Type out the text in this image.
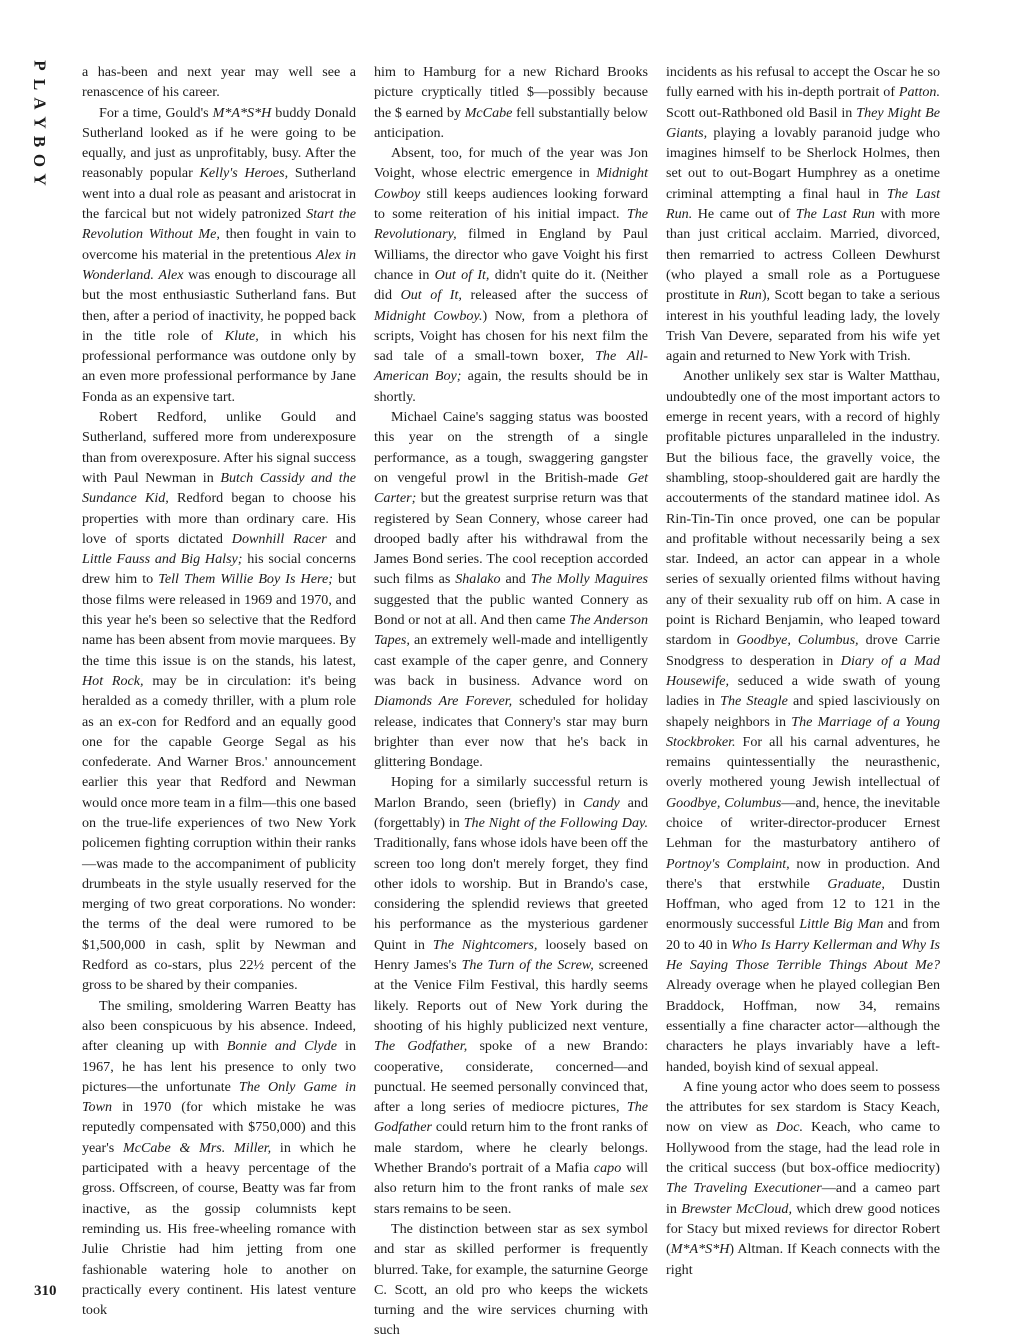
P
L
A
Y
B
O
Y
310

a has-been and next year may well see a renascence of his career.

For a time, Gould's M*A*S*H buddy Donald Sutherland looked as if he were going to be equally, and just as unprofitably, busy. After the reasonably popular Kelly's Heroes, Sutherland went into a dual role as peasant and aristocrat in the farcical but not widely patronized Start the Revolution Without Me, then fought in vain to overcome his material in the pretentious Alex in Wonderland. Alex was enough to discourage all but the most enthusiastic Sutherland fans. But then, after a period of inactivity, he popped back in the title role of Klute, in which his professional performance was outdone only by an even more professional performance by Jane Fonda as an expensive tart.

Robert Redford, unlike Gould and Sutherland, suffered more from underexposure than from overexposure. After his signal success with Paul Newman in Butch Cassidy and the Sundance Kid, Redford began to choose his properties with more than ordinary care. His love of sports dictated Downhill Racer and Little Fauss and Big Halsy; his social concerns drew him to Tell Them Willie Boy Is Here; but those films were released in 1969 and 1970, and this year he's been so selective that the Redford name has been absent from movie marquees. By the time this issue is on the stands, his latest, Hot Rock, may be in circulation: it's being heralded as a comedy thriller, with a plum role as an ex-con for Redford and an equally good one for the capable George Segal as his confederate. And Warner Bros.' announcement earlier this year that Redford and Newman would once more team in a film—this one based on the true-life experiences of two New York policemen fighting corruption within their ranks—was made to the accompaniment of publicity drumbeats in the style usually reserved for the merging of two great corporations. No wonder: the terms of the deal were rumored to be $1,500,000 in cash, split by Newman and Redford as co-stars, plus 22½ percent of the gross to be shared by their companies.

The smiling, smoldering Warren Beatty has also been conspicuous by his absence. Indeed, after cleaning up with Bonnie and Clyde in 1967, he has lent his presence to only two pictures—the unfortunate The Only Game in Town in 1970 (for which mistake he was reputedly compensated with $750,000) and this year's McCabe & Mrs. Miller, in which he participated with a heavy percentage of the gross. Offscreen, of course, Beatty was far from inactive, as the gossip columnists kept reminding us. His free-wheeling romance with Julie Christie had him jetting from one fashionable watering hole to another on practically every continent. His latest venture took

him to Hamburg for a new Richard Brooks picture cryptically titled $—possibly because the $ earned by McCabe fell substantially below anticipation.

Absent, too, for much of the year was Jon Voight, whose electric emergence in Midnight Cowboy still keeps audiences looking forward to some reiteration of his initial impact. The Revolutionary, filmed in England by Paul Williams, the director who gave Voight his first chance in Out of It, didn't quite do it. (Neither did Out of It, released after the success of Midnight Cowboy.) Now, from a plethora of scripts, Voight has chosen for his next film the sad tale of a small-town boxer, The All-American Boy; again, the results should be in shortly.

Michael Caine's sagging status was boosted this year on the strength of a single performance, as a tough, swaggering gangster on vengeful prowl in the British-made Get Carter; but the greatest surprise return was that registered by Sean Connery, whose career had drooped badly after his withdrawal from the James Bond series. The cool reception accorded such films as Shalako and The Molly Maguires suggested that the public wanted Connery as Bond or not at all. And then came The Anderson Tapes, an extremely well-made and intelligently cast example of the caper genre, and Connery was back in business. Advance word on Diamonds Are Forever, scheduled for holiday release, indicates that Connery's star may burn brighter than ever now that he's back in glittering Bondage.

Hoping for a similarly successful return is Marlon Brando, seen (briefly) in Candy and (forgettably) in The Night of the Following Day. Traditionally, fans whose idols have been off the screen too long don't merely forget, they find other idols to worship. But in Brando's case, considering the splendid reviews that greeted his performance as the mysterious gardener Quint in The Nightcomers, loosely based on Henry James's The Turn of the Screw, screened at the Venice Film Festival, this hardly seems likely. Reports out of New York during the shooting of his highly publicized next venture, The Godfather, spoke of a new Brando: cooperative, considerate, concerned—and punctual. He seemed personally convinced that, after a long series of mediocre pictures, The Godfather could return him to the front ranks of male stardom, where he clearly belongs. Whether Brando's portrait of a Mafia capo will also return him to the front ranks of male sex stars remains to be seen.

The distinction between star as sex symbol and star as skilled performer is frequently blurred. Take, for example, the saturnine George C. Scott, an old pro who keeps the wickets turning and the wire services churning with such

incidents as his refusal to accept the Oscar he so fully earned with his in-depth portrait of Patton. Scott out-Rathboned old Basil in They Might Be Giants, playing a lovably paranoid judge who imagines himself to be Sherlock Holmes, then set out to out-Bogart Humphrey as a onetime criminal attempting a final haul in The Last Run. He came out of The Last Run with more than just critical acclaim. Married, divorced, then remarried to actress Colleen Dewhurst (who played a small role as a Portuguese prostitute in Run), Scott began to take a serious interest in his youthful leading lady, the lovely Trish Van Devere, separated from his wife yet again and returned to New York with Trish.

Another unlikely sex star is Walter Matthau, undoubtedly one of the most important actors to emerge in recent years, with a record of highly profitable pictures unparalleled in the industry. But the bilious face, the gravelly voice, the shambling, stoop-shouldered gait are hardly the accouterments of the standard matinee idol. As Rin-Tin-Tin once proved, one can be popular and profitable without necessarily being a sex star. Indeed, an actor can appear in a whole series of sexually oriented films without having any of their sexuality rub off on him. A case in point is Richard Benjamin, who leaped toward stardom in Goodbye, Columbus, drove Carrie Snodgress to desperation in Diary of a Mad Housewife, seduced a wide swath of young ladies in The Steagle and spied lasciviously on shapely neighbors in The Marriage of a Young Stockbroker. For all his carnal adventures, he remains quintessentially the neurasthenic, overly mothered young Jewish intellectual of Goodbye, Columbus—and, hence, the inevitable choice of writer-director-producer Ernest Lehman for the masturbatory antihero of Portnoy's Complaint, now in production. And there's that erstwhile Graduate, Dustin Hoffman, who aged from 12 to 121 in the enormously successful Little Big Man and from 20 to 40 in Who Is Harry Kellerman and Why Is He Saying Those Terrible Things About Me? Already overage when he played collegian Ben Braddock, Hoffman, now 34, remains essentially a fine character actor—although the characters he plays invariably have a left-handed, boyish kind of sexual appeal.

A fine young actor who does seem to possess the attributes for sex stardom is Stacy Keach, now on view as Doc. Keach, who came to Hollywood from the stage, had the lead role in the critical success (but box-office mediocrity) The Traveling Executioner—and a cameo part in Brewster McCloud, which drew good notices for Stacy but mixed reviews for director Robert (M*A*S*H) Altman. If Keach connects with the right
